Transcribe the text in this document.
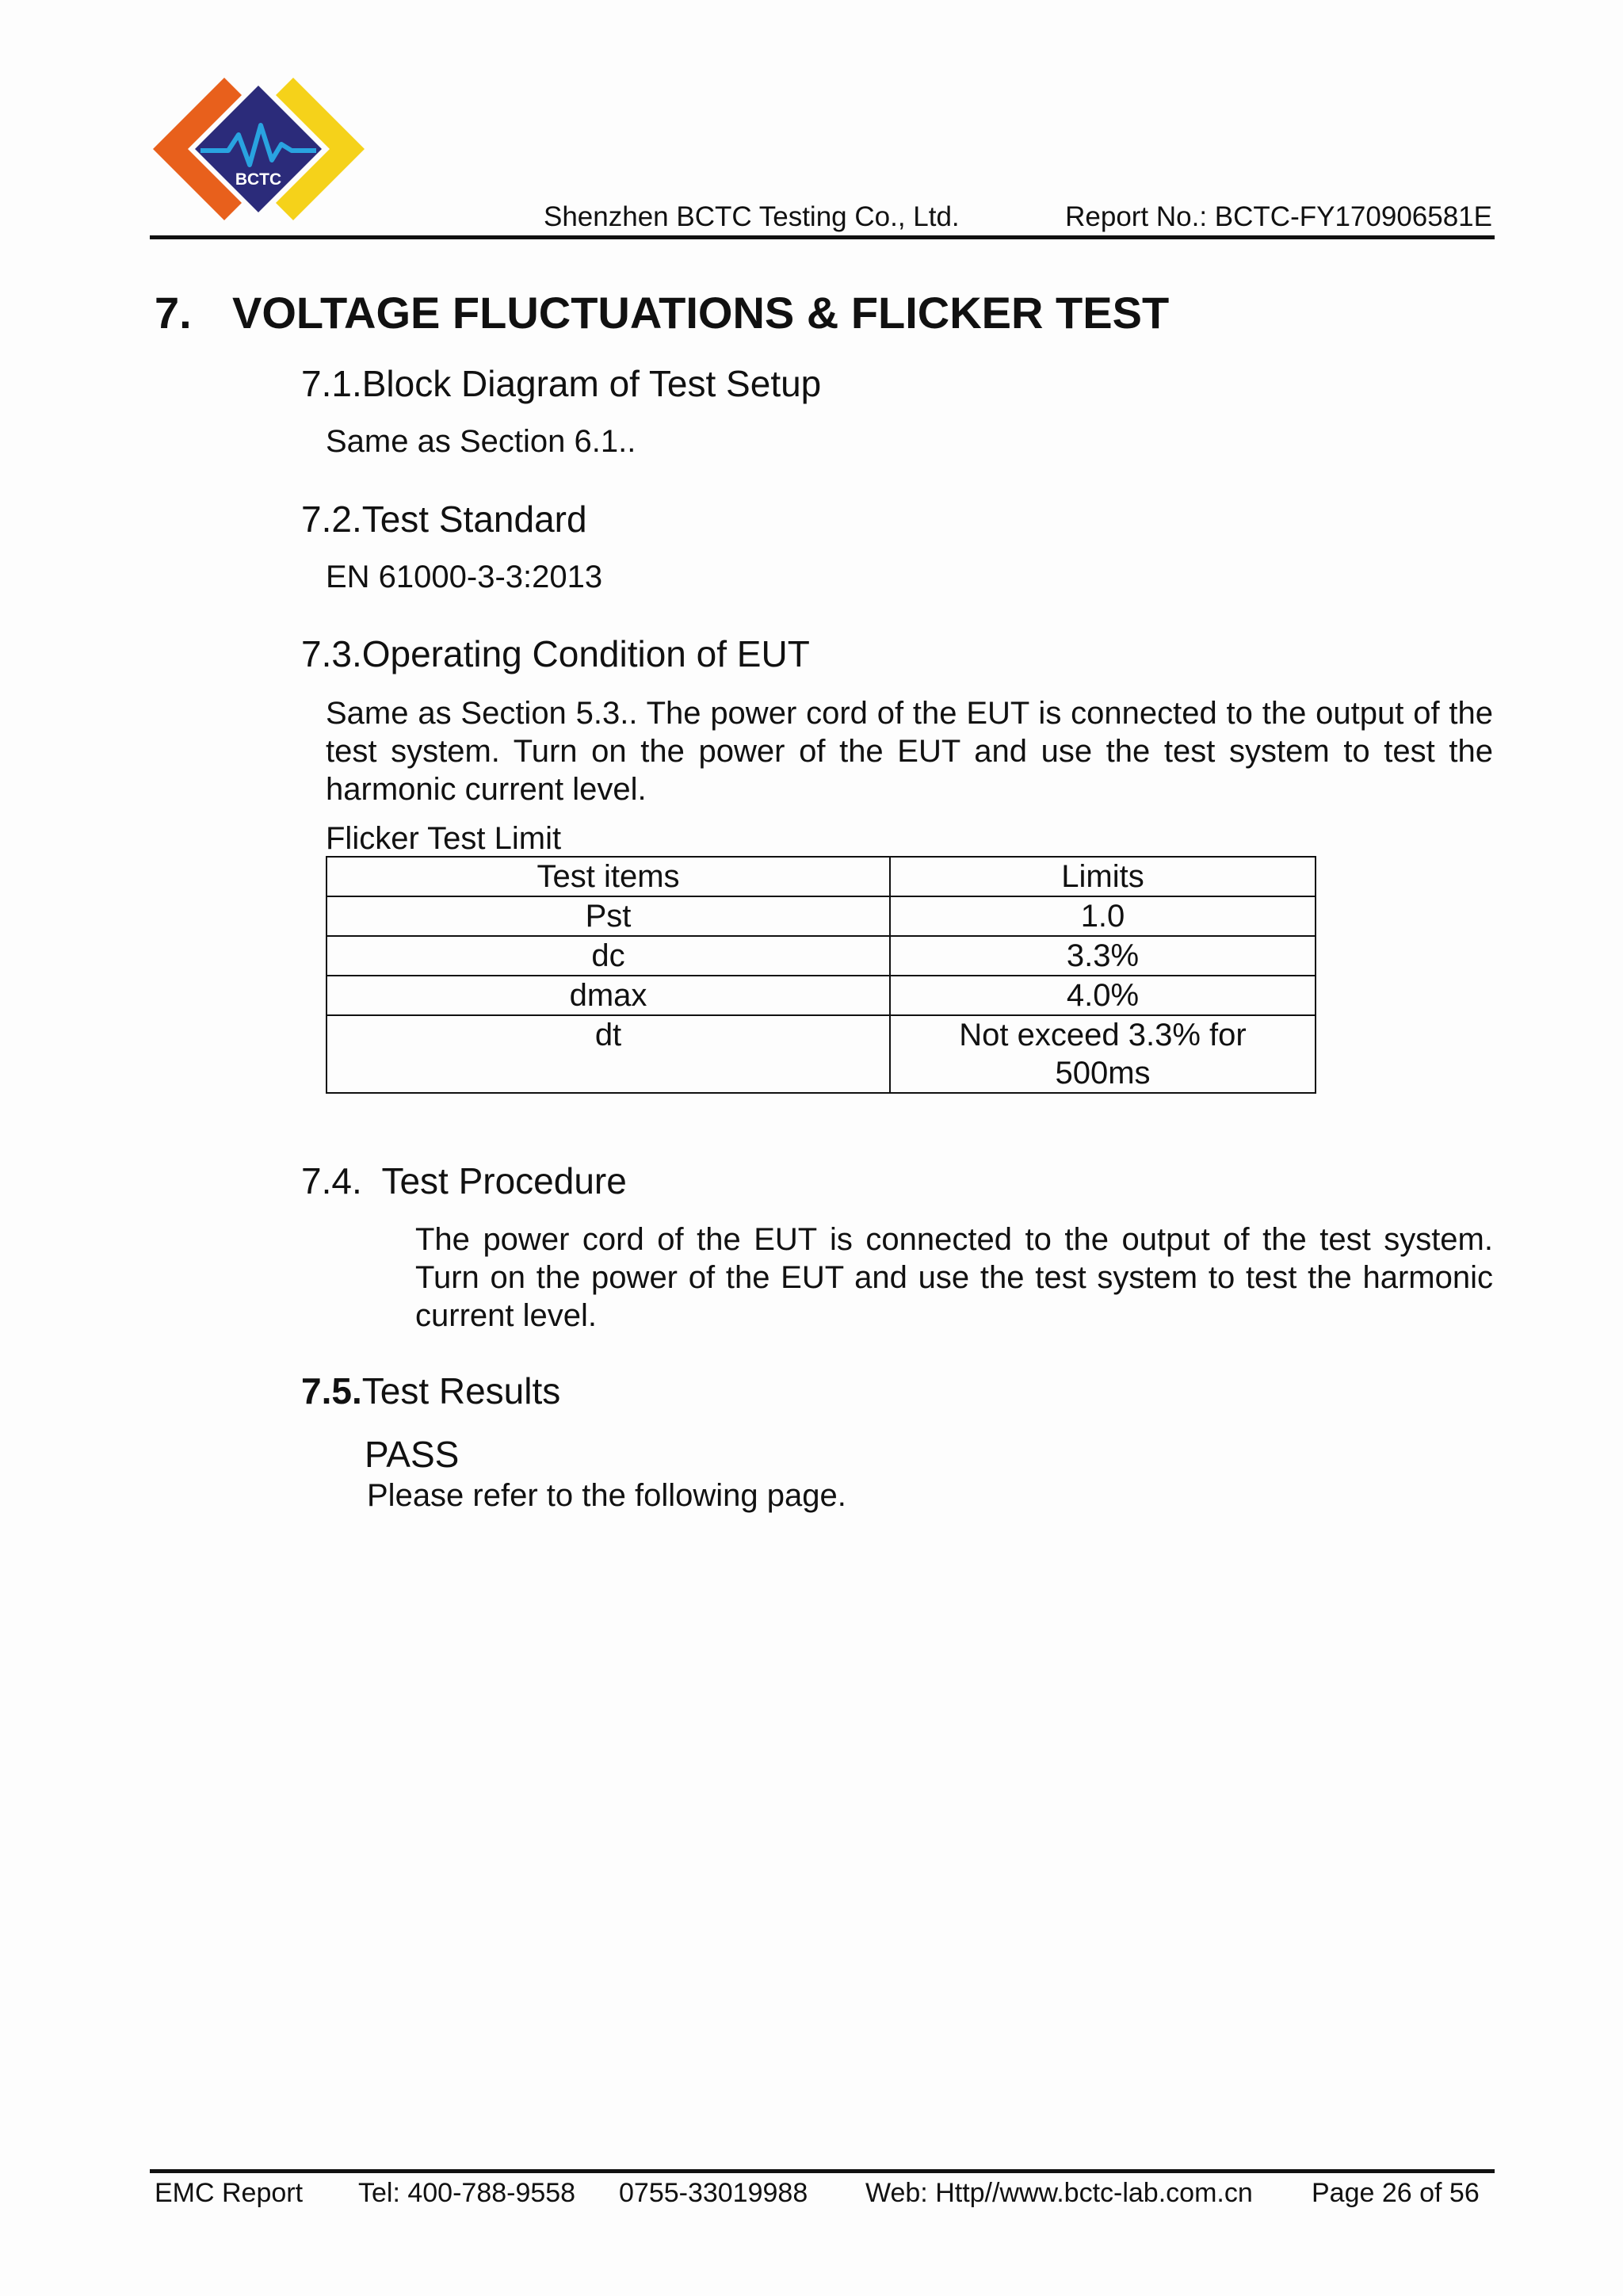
BCTC
Shenzhen BCTC Testing Co., Ltd.	Report No.: BCTC-FY170906581E
7. VOLTAGE FLUCTUATIONS & FLICKER TEST
7.1.Block Diagram of Test Setup
Same as Section 6.1..
7.2.Test Standard
EN 61000-3-3:2013
7.3.Operating Condition of EUT
Same as Section 5.3.. The power cord of the EUT is connected to the output of the test system. Turn on the power of the EUT and use the test system to test the harmonic current level.
Flicker Test Limit
Test items	Limits
Pst	1.0
dc	3.3%
dmax	4.0%
dt	Not exceed 3.3% for 500ms
7.4.  Test Procedure
The power cord of the EUT is connected to the output of the test system. Turn on the power of the EUT and use the test system to test the harmonic current level.
7.5.Test Results
PASS
Please refer to the following page.
EMC Report Tel: 400-788-9558 0755-33019988 Web: Http//www.bctc-lab.com.cn Page 26 of 56
